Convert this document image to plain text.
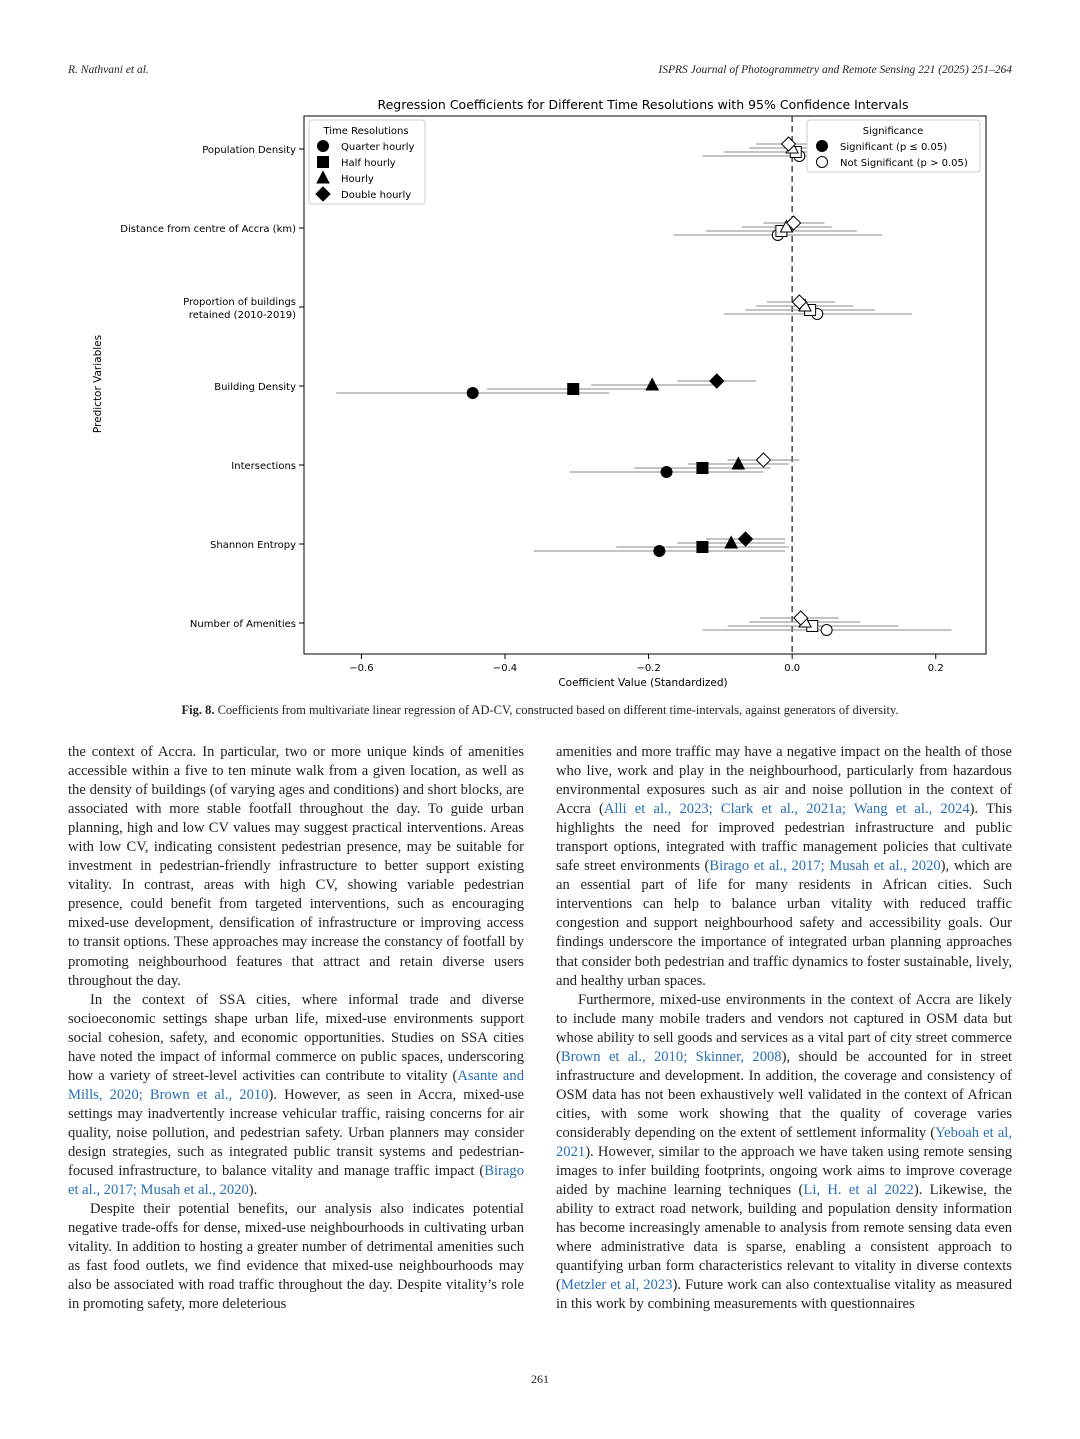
R. Nathvani et al.	ISPRS Journal of Photogrammetry and Remote Sensing 221 (2025) 251–264
Regression Coefficients for Different Time Resolutions with 95% Confidence Intervals
−0.6	−0.4	−0.2	0.0	0.2
Population Density
Distance from centre of Accra (km)
Proportion of buildings retained (2010-2019)
Building Density
Intersections
Shannon Entropy
Number of Amenities
Coefficient Value (Standardized)
Predictor Variables
Time Resolutions
Quarter hourly
Half hourly
Hourly
Double hourly
Significance
Significant (p ≤ 0.05)
Not Significant (p > 0.05)
Fig. 8. Coefficients from multivariate linear regression of AD-CV, constructed based on different time-intervals, against generators of diversity.

the context of Accra. In particular, two or more unique kinds of amenities accessible within a five to ten minute walk from a given location, as well as the density of buildings (of varying ages and conditions) and short blocks, are associated with more stable footfall throughout the day. To guide urban planning, high and low CV values may suggest practical interventions. Areas with low CV, indicating consistent pedestrian presence, may be suitable for investment in pedestrian-friendly infrastructure to better support existing vitality. In contrast, areas with high CV, showing variable pedestrian presence, could benefit from targeted interventions, such as encouraging mixed-use development, densification of infrastructure or improving access to transit options. These approaches may increase the constancy of footfall by promoting neighbourhood features that attract and retain diverse users throughout the day.

In the context of SSA cities, where informal trade and diverse socioeconomic settings shape urban life, mixed-use environments support social cohesion, safety, and economic opportunities. Studies on SSA cities have noted the impact of informal commerce on public spaces, underscoring how a variety of street-level activities can contribute to vitality (Asante and Mills, 2020; Brown et al., 2010). However, as seen in Accra, mixed-use settings may inadvertently increase vehicular traffic, raising concerns for air quality, noise pollution, and pedestrian safety. Urban planners may consider design strategies, such as integrated public transit systems and pedestrian-focused infrastructure, to balance vitality and manage traffic impact (Birago et al., 2017; Musah et al., 2020).

Despite their potential benefits, our analysis also indicates potential negative trade-offs for dense, mixed-use neighbourhoods in cultivating urban vitality. In addition to hosting a greater number of detrimental amenities such as fast food outlets, we find evidence that mixed-use neighbourhoods may also be associated with road traffic throughout the day. Despite vitality’s role in promoting safety, more deleterious

amenities and more traffic may have a negative impact on the health of those who live, work and play in the neighbourhood, particularly from hazardous environmental exposures such as air and noise pollution in the context of Accra (Alli et al., 2023; Clark et al., 2021a; Wang et al., 2024). This highlights the need for improved pedestrian infrastructure and public transport options, integrated with traffic management policies that cultivate safe street environments (Birago et al., 2017; Musah et al., 2020), which are an essential part of life for many residents in African cities. Such interventions can help to balance urban vitality with reduced traffic congestion and support neighbourhood safety and accessibility goals. Our findings underscore the importance of integrated urban planning approaches that consider both pedestrian and traffic dynamics to foster sustainable, lively, and healthy urban spaces.

Furthermore, mixed-use environments in the context of Accra are likely to include many mobile traders and vendors not captured in OSM data but whose ability to sell goods and services as a vital part of city street commerce (Brown et al., 2010; Skinner, 2008), should be accounted for in street infrastructure and development. In addition, the coverage and consistency of OSM data has not been exhaustively well validated in the context of African cities, with some work showing that the quality of coverage varies considerably depending on the extent of settlement informality (Yeboah et al, 2021). However, similar to the approach we have taken using remote sensing images to infer building footprints, ongoing work aims to improve coverage aided by machine learning techniques (Li, H. et al 2022). Likewise, the ability to extract road network, building and population density information has become increasingly amenable to analysis from remote sensing data even where administrative data is sparse, enabling a consistent approach to quantifying urban form characteristics relevant to vitality in diverse contexts (Metzler et al, 2023). Future work can also contextualise vitality as measured in this work by combining measurements with questionnaires

261
